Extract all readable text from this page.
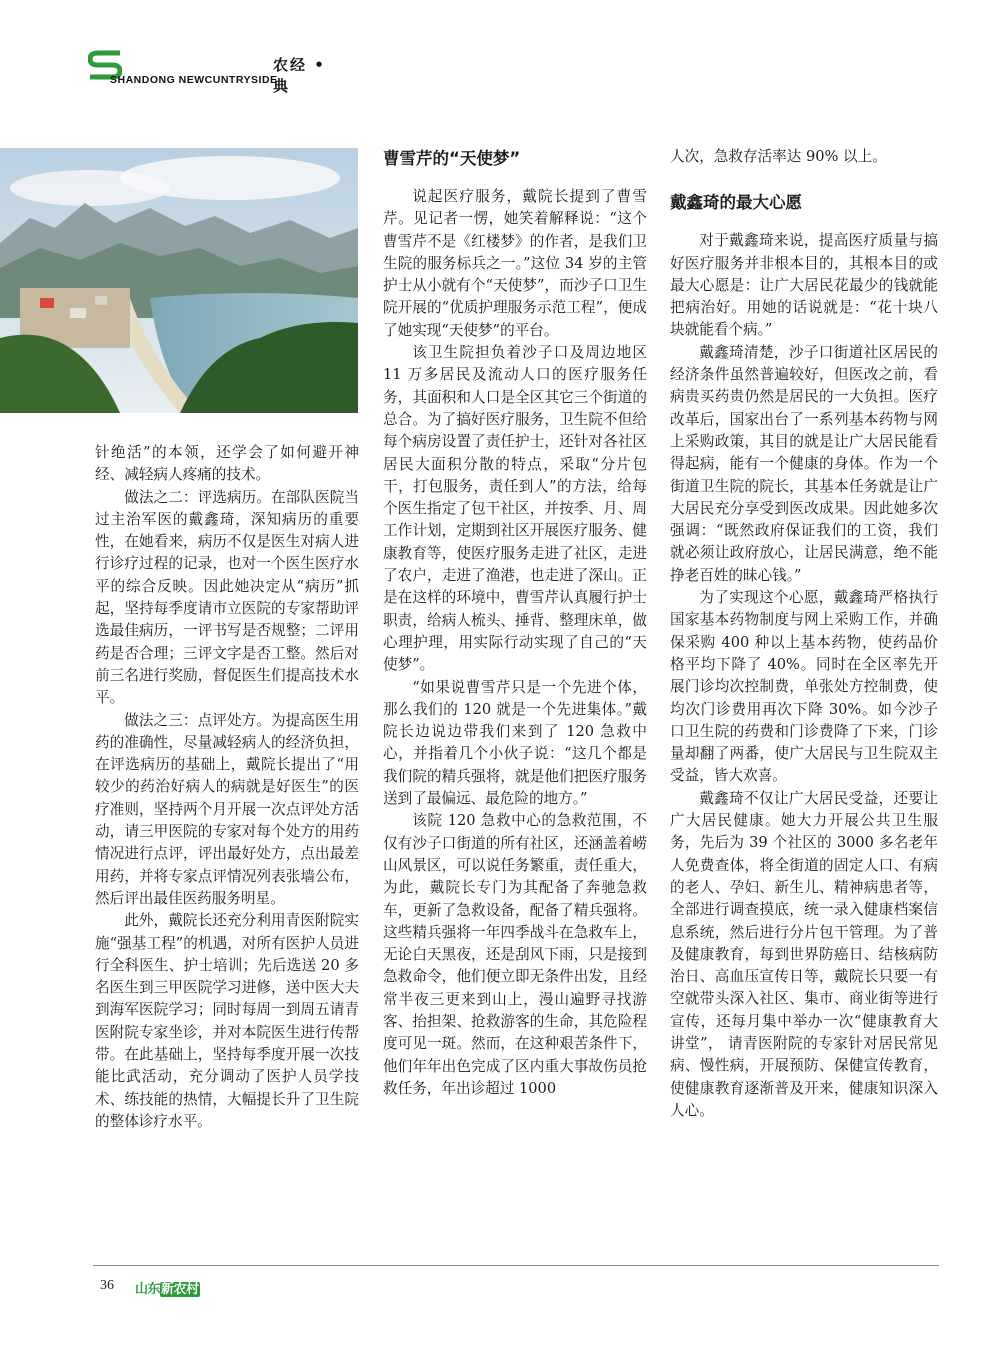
农经 • 典
SHANDONG NEWCUNTRYSIDE

针绝活”的本领，还学会了如何避开神经、减轻病人疼痛的技术。

做法之二：评选病历。在部队医院当过主治军医的戴鑫琦，深知病历的重要性，在她看来，病历不仅是医生对病人进行诊疗过程的记录，也对一个医生医疗水平的综合反映。因此她决定从“病历”抓起，坚持每季度请市立医院的专家帮助评选最佳病历，一评书写是否规整；二评用药是否合理；三评文字是否工整。然后对前三名进行奖励，督促医生们提高技术水平。

做法之三：点评处方。为提高医生用药的准确性，尽量减轻病人的经济负担，在评选病历的基础上，戴院长提出了“用较少的药治好病人的病就是好医生”的医疗准则，坚持两个月开展一次点评处方活动，请三甲医院的专家对每个处方的用药情况进行点评，评出最好处方，点出最差用药，并将专家点评情况列表张墙公布，然后评出最佳医药服务明星。

此外，戴院长还充分利用青医附院实施“强基工程”的机遇，对所有医护人员进行全科医生、护士培训；先后选送 20 多名医生到三甲医院学习进修，送中医大夫到海军医院学习；同时每周一到周五请青医附院专家坐诊，并对本院医生进行传帮带。在此基础上，坚持每季度开展一次技能比武活动，充分调动了医护人员学技术、练技能的热情，大幅提长升了卫生院的整体诊疗水平。

曹雪芹的“天使梦”

说起医疗服务，戴院长提到了曹雪芹。见记者一愣，她笑着解释说：“这个曹雪芹不是《红楼梦》的作者，是我们卫生院的服务标兵之一。”这位 34 岁的主管护士从小就有个“天使梦”，而沙子口卫生院开展的“优质护理服务示范工程”，便成了她实现“天使梦”的平台。

该卫生院担负着沙子口及周边地区 11 万多居民及流动人口的医疗服务任务，其面积和人口是全区其它三个街道的总合。为了搞好医疗服务，卫生院不但给每个病房设置了责任护士，还针对各社区居民大面积分散的特点，采取“分片包干，打包服务，责任到人”的方法，给每个医生指定了包干社区，并按季、月、周工作计划，定期到社区开展医疗服务、健康教育等，使医疗服务走进了社区，走进了农户，走进了渔港，也走进了深山。正是在这样的环境中，曹雪芹认真履行护士职责，给病人梳头、捶背、整理床单，做心理护理，用实际行动实现了自己的“天使梦”。

“如果说曹雪芹只是一个先进个体，那么我们的 120 就是一个先进集体。”戴院长边说边带我们来到了 120 急救中心，并指着几个小伙子说：“这几个都是我们院的精兵强将，就是他们把医疗服务送到了最偏远、最危险的地方。”

该院 120 急救中心的急救范围，不仅有沙子口街道的所有社区，还涵盖着崂山风景区，可以说任务繁重，责任重大，为此，戴院长专门为其配备了奔驰急救车，更新了急救设备，配备了精兵强将。这些精兵强将一年四季战斗在急救车上，无论白天黑夜，还是刮风下雨，只是接到急救命令，他们便立即无条件出发，且经常半夜三更来到山上，漫山遍野寻找游客、抬担架、抢救游客的生命，其危险程度可见一斑。然而，在这种艰苦条件下，他们年年出色完成了区内重大事故伤员抢救任务，年出诊超过 1000

人次，急救存活率达 90% 以上。

戴鑫琦的最大心愿

对于戴鑫琦来说，提高医疗质量与搞好医疗服务并非根本目的，其根本目的或最大心愿是：让广大居民花最少的钱就能把病治好。用她的话说就是：“花十块八块就能看个病。”

戴鑫琦清楚，沙子口街道社区居民的经济条件虽然普遍较好，但医改之前，看病贵买药贵仍然是居民的一大负担。医疗改革后，国家出台了一系列基本药物与网上采购政策，其目的就是让广大居民能看得起病，能有一个健康的身体。作为一个街道卫生院的院长，其基本任务就是让广大居民充分享受到医改成果。因此她多次强调：“既然政府保证我们的工资，我们就必须让政府放心，让居民满意，绝不能挣老百姓的昧心钱。”

为了实现这个心愿，戴鑫琦严格执行国家基本药物制度与网上采购工作，并确保采购 400 种以上基本药物，使药品价格平均下降了 40%。同时在全区率先开展门诊均次控制费，单张处方控制费，使均次门诊费用再次下降 30%。如今沙子口卫生院的药费和门诊费降了下来，门诊量却翻了两番，使广大居民与卫生院双主受益，皆大欢喜。

戴鑫琦不仅让广大居民受益，还要让广大居民健康。她大力开展公共卫生服务，先后为 39 个社区的 3000 多名老年人免费查体，将全街道的固定人口、有病的老人、孕妇、新生儿、精神病患者等，全部进行调查摸底，统一录入健康档案信息系统，然后进行分片包干管理。为了普及健康教育，每到世界防癌日、结核病防治日、高血压宣传日等，戴院长只要一有空就带头深入社区、集市、商业街等进行宣传，还每月集中举办一次“健康教育大讲堂”， 请青医附院的专家针对居民常见病、慢性病，开展预防、保健宣传教育，使健康教育逐渐普及开来，健康知识深入人心。

36 山东新农村
